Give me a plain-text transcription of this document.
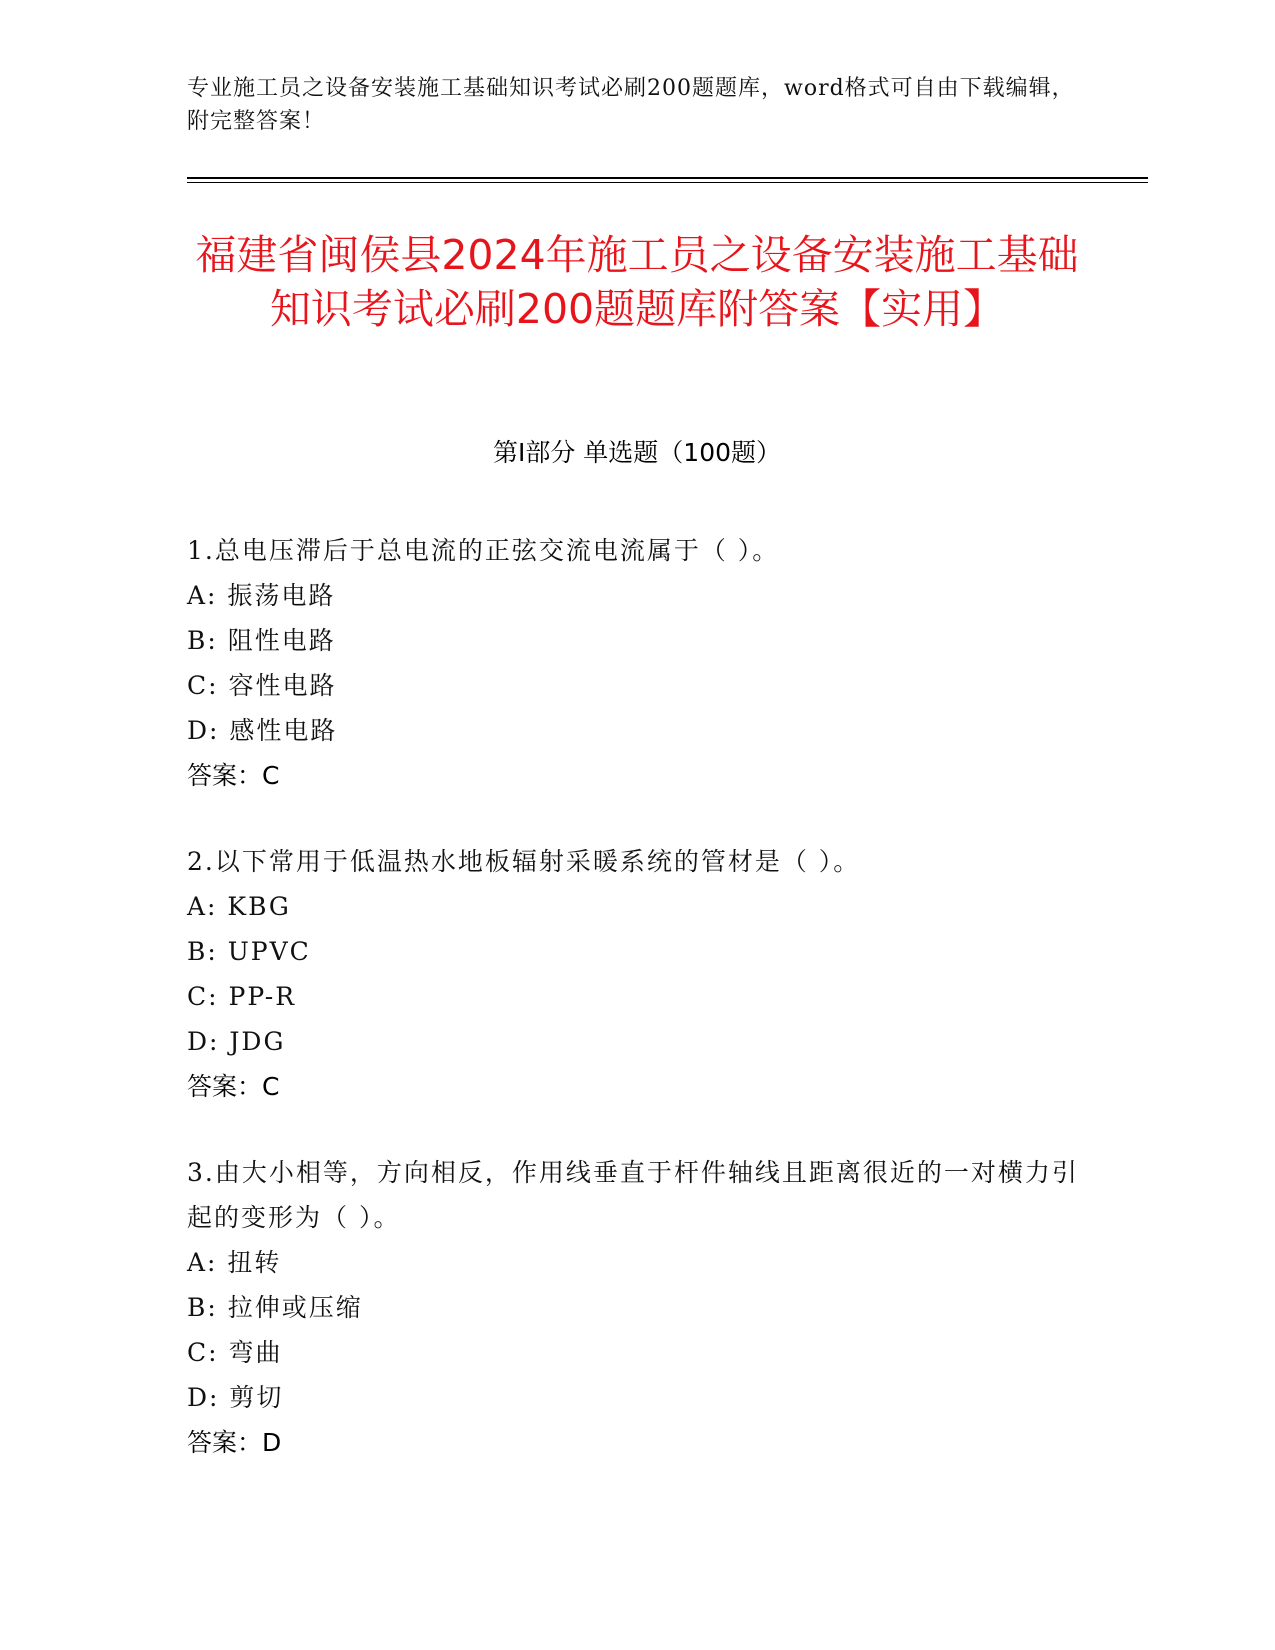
专业施工员之设备安装施工基础知识考试必刷200题题库，word格式可自由下载编辑，附完整答案！
福建省闽侯县2024年施工员之设备安装施工基础知识考试必刷200题题库附答案【实用】
第Ⅰ部分 单选题（100题）
1.总电压滞后于总电流的正弦交流电流属于（ ）。
A: 振荡电路
B: 阻性电路
C: 容性电路
D: 感性电路
答案：C
2.以下常用于低温热水地板辐射采暖系统的管材是（ ）。
A: KBG
B: UPVC
C: PP-R
D: JDG
答案：C
3.由大小相等，方向相反，作用线垂直于杆件轴线且距离很近的一对横力引起的变形为（ ）。
A: 扭转
B: 拉伸或压缩
C: 弯曲
D: 剪切
答案：D
